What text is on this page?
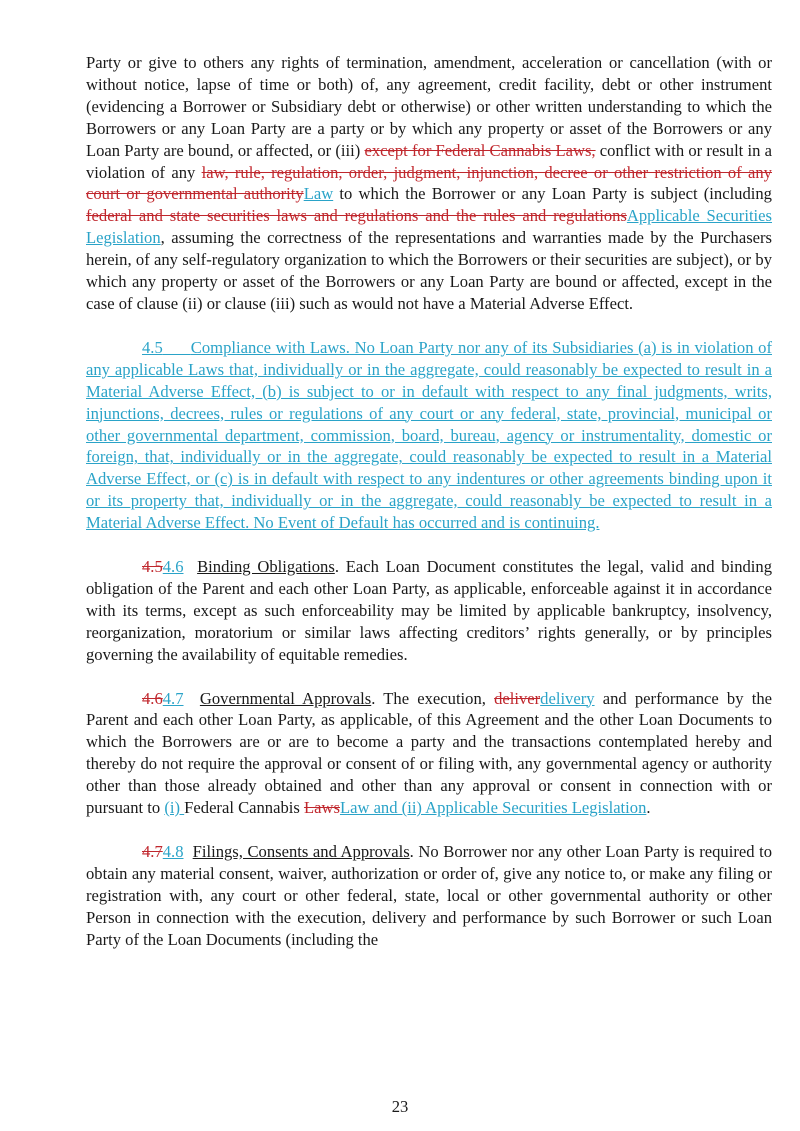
Party or give to others any rights of termination, amendment, acceleration or cancellation (with or without notice, lapse of time or both) of, any agreement, credit facility, debt or other instrument (evidencing a Borrower or Subsidiary debt or otherwise) or other written understanding to which the Borrowers or any Loan Party are a party or by which any property or asset of the Borrowers or any Loan Party are bound, or affected, or (iii) except for Federal Cannabis Laws, conflict with or result in a violation of any law, rule, regulation, order, judgment, injunction, decree or other restriction of any court or governmental authorityLaw to which the Borrower or any Loan Party is subject (including federal and state securities laws and regulations and the rules and regulationsApplicable Securities Legislation, assuming the correctness of the representations and warranties made by the Purchasers herein, of any self-regulatory organization to which the Borrowers or their securities are subject), or by which any property or asset of the Borrowers or any Loan Party are bound or affected, except in the case of clause (ii) or clause (iii) such as would not have a Material Adverse Effect.

4.5 Compliance with Laws. No Loan Party nor any of its Subsidiaries (a) is in violation of any applicable Laws that, individually or in the aggregate, could reasonably be expected to result in a Material Adverse Effect, (b) is subject to or in default with respect to any final judgments, writs, injunctions, decrees, rules or regulations of any court or any federal, state, provincial, municipal or other governmental department, commission, board, bureau, agency or instrumentality, domestic or foreign, that, individually or in the aggregate, could reasonably be expected to result in a Material Adverse Effect, or (c) is in default with respect to any indentures or other agreements binding upon it or its property that, individually or in the aggregate, could reasonably be expected to result in a Material Adverse Effect. No Event of Default has occurred and is continuing.

4.54.6 Binding Obligations. Each Loan Document constitutes the legal, valid and binding obligation of the Parent and each other Loan Party, as applicable, enforceable against it in accordance with its terms, except as such enforceability may be limited by applicable bankruptcy, insolvency, reorganization, moratorium or similar laws affecting creditors’ rights generally, or by principles governing the availability of equitable remedies.

4.64.7 Governmental Approvals. The execution, deliverdelivery and performance by the Parent and each other Loan Party, as applicable, of this Agreement and the other Loan Documents to which the Borrowers are or are to become a party and the transactions contemplated hereby and thereby do not require the approval or consent of or filing with, any governmental agency or authority other than those already obtained and other than any approval or consent in connection with or pursuant to (i) Federal Cannabis LawsLaw and (ii) Applicable Securities Legislation.

4.74.8 Filings, Consents and Approvals. No Borrower nor any other Loan Party is required to obtain any material consent, waiver, authorization or order of, give any notice to, or make any filing or registration with, any court or other federal, state, local or other governmental authority or other Person in connection with the execution, delivery and performance by such Borrower or such Loan Party of the Loan Documents (including the

23
